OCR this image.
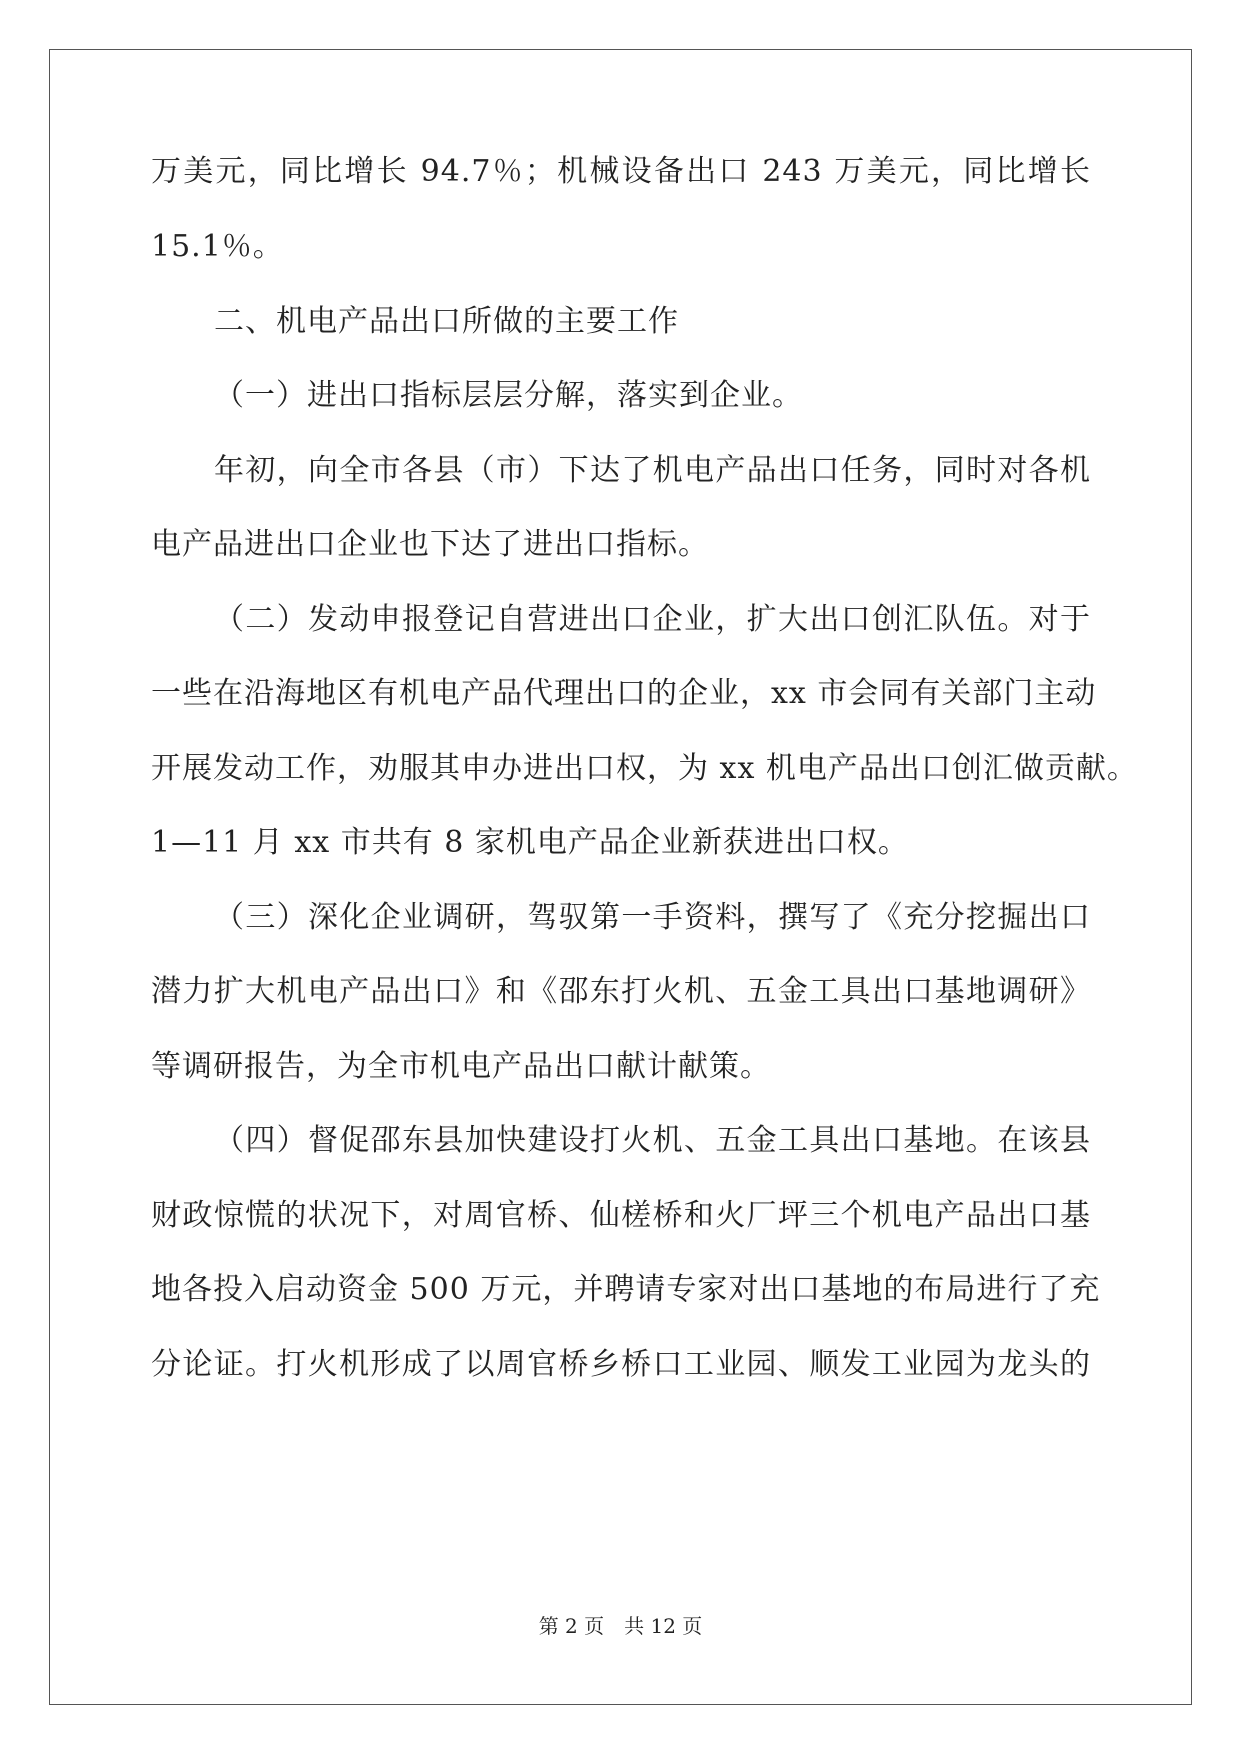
万美元，同比增长 94.7％；机械设备出口 243 万美元，同比增长
15.1％。
二、机电产品出口所做的主要工作
（一）进出口指标层层分解，落实到企业。
年初，向全市各县（市）下达了机电产品出口任务，同时对各机
电产品进出口企业也下达了进出口指标。
（二）发动申报登记自营进出口企业，扩大出口创汇队伍。对于
一些在沿海地区有机电产品代理出口的企业，xx 市会同有关部门主动
开展发动工作，劝服其申办进出口权，为 xx 机电产品出口创汇做贡献。
1—11 月 xx 市共有 8 家机电产品企业新获进出口权。
（三）深化企业调研，驾驭第一手资料，撰写了《充分挖掘出口
潜力扩大机电产品出口》和《邵东打火机、五金工具出口基地调研》
等调研报告，为全市机电产品出口献计献策。
（四）督促邵东县加快建设打火机、五金工具出口基地。在该县
财政惊慌的状况下，对周官桥、仙槎桥和火厂坪三个机电产品出口基
地各投入启动资金 500 万元，并聘请专家对出口基地的布局进行了充
分论证。打火机形成了以周官桥乡桥口工业园、顺发工业园为龙头的
第 2 页　共 12 页
